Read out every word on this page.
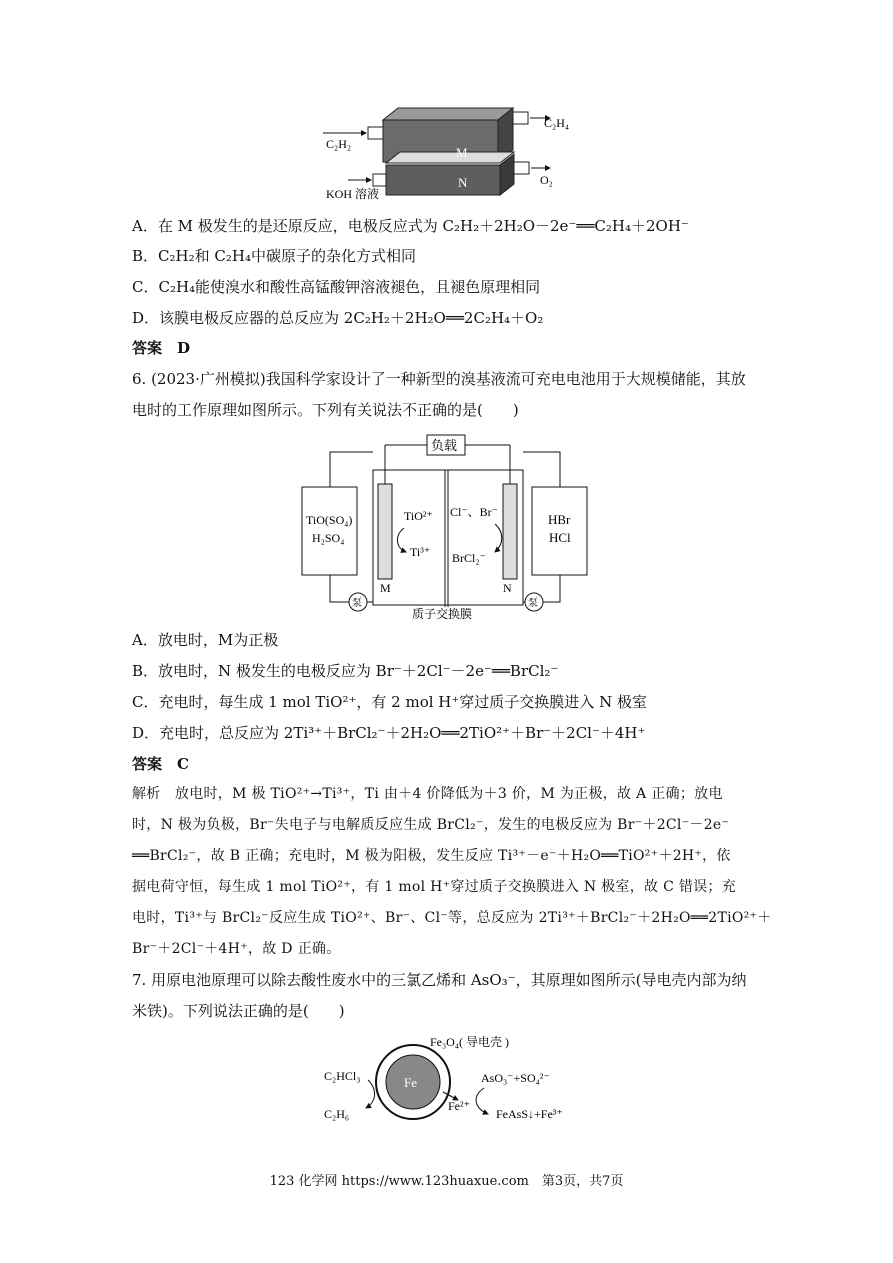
C₂H₂
C₂H₄
M
N
KOH 溶液
O₂
A．在 M 极发生的是还原反应，电极反应式为 C₂H₂＋2H₂O－2e⁻══C₂H₄＋2OH⁻
B．C₂H₂和 C₂H₄中碳原子的杂化方式相同
C．C₂H₄能使溴水和酸性高锰酸钾溶液褪色，且褪色原理相同
D．该膜电极反应器的总反应为 2C₂H₂＋2H₂O══2C₂H₄＋O₂
答案　D
6. (2023·广州模拟)我国科学家设计了一种新型的溴基液流可充电电池用于大规模储能，其放
电时的工作原理如图所示。下列有关说法不正确的是(　　)
负载
泵	泵
TiO(SO₄)
H₂SO₄
TiO²⁺
Ti³⁺
Cl⁻、Br⁻
BrCl₂⁻
HBr
HCl
M	N
质子交换膜
A．放电时，M为正极
B．放电时，N 极发生的电极反应为 Br⁻＋2Cl⁻－2e⁻══BrCl₂⁻
C．充电时，每生成 1 mol TiO²⁺，有 2 mol H⁺穿过质子交换膜进入 N 极室
D．充电时，总反应为 2Ti³⁺＋BrCl₂⁻＋2H₂O══2TiO²⁺＋Br⁻＋2Cl⁻＋4H⁺
答案　C
解析　放电时，M 极 TiO²⁺→Ti³⁺，Ti 由＋4 价降低为＋3 价，M 为正极，故 A 正确；放电
时，N 极为负极，Br⁻失电子与电解质反应生成 BrCl₂⁻，发生的电极反应为 Br⁻＋2Cl⁻－2e⁻
══BrCl₂⁻，故 B 正确；充电时，M 极为阳极，发生反应 Ti³⁺－e⁻＋H₂O══TiO²⁺＋2H⁺，依
据电荷守恒，每生成 1 mol TiO²⁺，有 1 mol H⁺穿过质子交换膜进入 N 极室，故 C 错误；充
电时，Ti³⁺与 BrCl₂⁻反应生成 TiO²⁺、Br⁻、Cl⁻等，总反应为 2Ti³⁺＋BrCl₂⁻＋2H₂O══2TiO²⁺＋
Br⁻＋2Cl⁻＋4H⁺，故 D 正确。
7. 用原电池原理可以除去酸性废水中的三氯乙烯和 AsO₃⁻，其原理如图所示(导电壳内部为纳
米铁)。下列说法正确的是(　　)
Fe
Fe₃O₄( 导电壳 )
C₂HCl₃
C₂H₆
Fe²⁺
AsO₃⁻+SO₄²⁻
FeAsS↓+Fe³⁺
123 化学网 https://www.123huaxue.com　第3页，共7页
